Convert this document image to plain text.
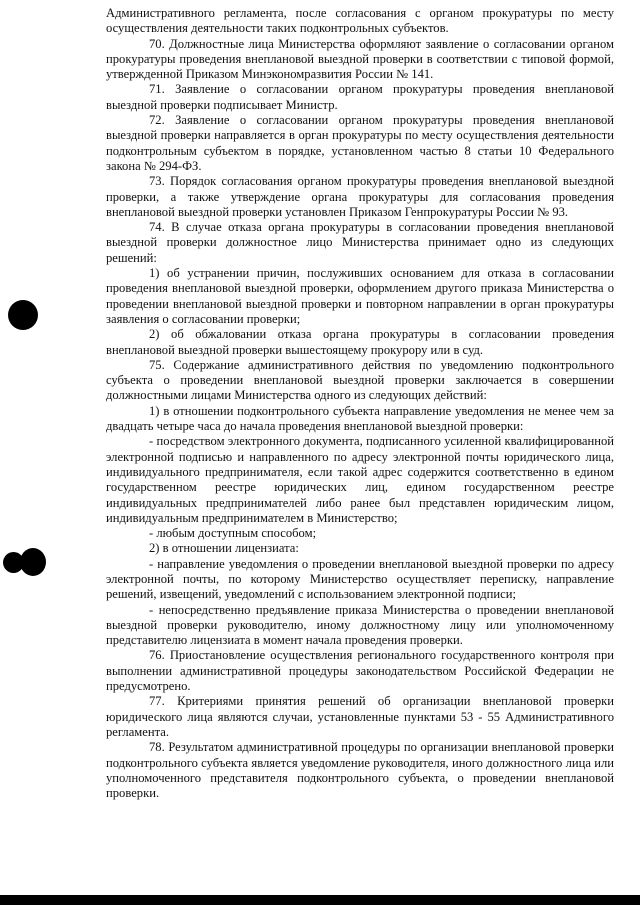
Административного регламента, после согласования с органом прокуратуры по месту осуществления деятельности таких подконтрольных субъектов.

70. Должностные лица Министерства оформляют заявление о согласовании органом прокуратуры проведения внеплановой выездной проверки в соответствии с типовой формой, утвержденной Приказом Минэкономразвития России № 141.

71. Заявление о согласовании органом прокуратуры проведения внеплановой выездной проверки подписывает Министр.

72. Заявление о согласовании органом прокуратуры проведения внеплановой выездной проверки направляется в орган прокуратуры по месту осуществления деятельности подконтрольным субъектом в порядке, установленном частью 8 статьи 10 Федерального закона № 294-ФЗ.

73. Порядок согласования органом прокуратуры проведения внеплановой выездной проверки, а также утверждение органа прокуратуры для согласования проведения внеплановой выездной проверки установлен Приказом Генпрокуратуры России № 93.

74. В случае отказа органа прокуратуры в согласовании проведения внеплановой выездной проверки должностное лицо Министерства принимает одно из следующих решений:

1) об устранении причин, послуживших основанием для отказа в согласовании проведения внеплановой выездной проверки, оформлением другого приказа Министерства о проведении внеплановой выездной проверки и повторном направлении в орган прокуратуры заявления о согласовании проверки;

2) об обжаловании отказа органа прокуратуры в согласовании проведения внеплановой выездной проверки вышестоящему прокурору или в суд.

75. Содержание административного действия по уведомлению подконтрольного субъекта о проведении внеплановой выездной проверки заключается в совершении должностными лицами Министерства одного из следующих действий:

1) в отношении подконтрольного субъекта направление уведомления не менее чем за двадцать четыре часа до начала проведения внеплановой выездной проверки:

- посредством электронного документа, подписанного усиленной квалифицированной электронной подписью и направленного по адресу электронной почты юридического лица, индивидуального предпринимателя, если такой адрес содержится соответственно в едином государственном реестре юридических лиц, едином государственном реестре индивидуальных предпринимателей либо ранее был представлен юридическим лицом, индивидуальным предпринимателем в Министерство;

- любым доступным способом;

2) в отношении лицензиата:

- направление уведомления о проведении внеплановой выездной проверки по адресу электронной почты, по которому Министерство осуществляет переписку, направление решений, извещений, уведомлений с использованием электронной подписи;

- непосредственно предъявление приказа Министерства о проведении внеплановой выездной проверки руководителю, иному должностному лицу или уполномоченному представителю лицензиата в момент начала проведения проверки.

76. Приостановление осуществления регионального государственного контроля при выполнении административной процедуры законодательством Российской Федерации не предусмотрено.

77. Критериями принятия решений об организации внеплановой проверки юридического лица являются случаи, установленные пунктами 53 - 55 Административного регламента.

78. Результатом административной процедуры по организации внеплановой проверки подконтрольного субъекта является уведомление руководителя, иного должностного лица или уполномоченного представителя подконтрольного субъекта, о проведении внеплановой проверки.
